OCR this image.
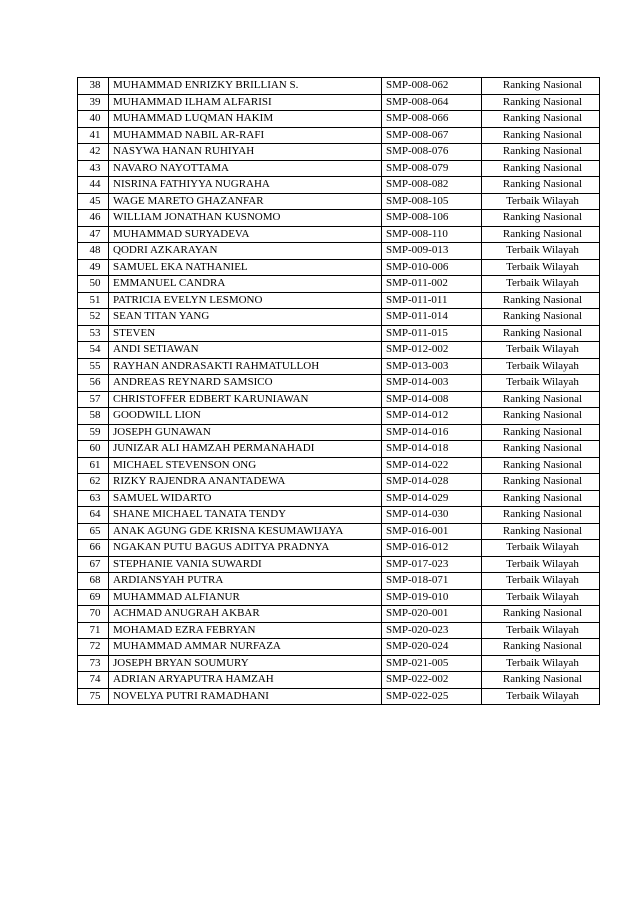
38	MUHAMMAD ENRIZKY BRILLIAN S.	SMP-008-062	Ranking Nasional
39	MUHAMMAD ILHAM ALFARISI	SMP-008-064	Ranking Nasional
40	MUHAMMAD LUQMAN HAKIM	SMP-008-066	Ranking Nasional
41	MUHAMMAD NABIL AR-RAFI	SMP-008-067	Ranking Nasional
42	NASYWA HANAN RUHIYAH	SMP-008-076	Ranking Nasional
43	NAVARO NAYOTTAMA	SMP-008-079	Ranking Nasional
44	NISRINA FATHIYYA NUGRAHA	SMP-008-082	Ranking Nasional
45	WAGE MARETO GHAZANFAR	SMP-008-105	Terbaik Wilayah
46	WILLIAM JONATHAN KUSNOMO	SMP-008-106	Ranking Nasional
47	MUHAMMAD SURYADEVA	SMP-008-110	Ranking Nasional
48	QODRI AZKARAYAN	SMP-009-013	Terbaik Wilayah
49	SAMUEL EKA NATHANIEL	SMP-010-006	Terbaik Wilayah
50	EMMANUEL CANDRA	SMP-011-002	Terbaik Wilayah
51	PATRICIA EVELYN LESMONO	SMP-011-011	Ranking Nasional
52	SEAN TITAN YANG	SMP-011-014	Ranking Nasional
53	STEVEN	SMP-011-015	Ranking Nasional
54	ANDI SETIAWAN	SMP-012-002	Terbaik Wilayah
55	RAYHAN ANDRASAKTI RAHMATULLOH	SMP-013-003	Terbaik Wilayah
56	ANDREAS REYNARD SAMSICO	SMP-014-003	Terbaik Wilayah
57	CHRISTOFFER EDBERT KARUNIAWAN	SMP-014-008	Ranking Nasional
58	GOODWILL LION	SMP-014-012	Ranking Nasional
59	JOSEPH GUNAWAN	SMP-014-016	Ranking Nasional
60	JUNIZAR ALI HAMZAH PERMANAHADI	SMP-014-018	Ranking Nasional
61	MICHAEL STEVENSON ONG	SMP-014-022	Ranking Nasional
62	RIZKY RAJENDRA ANANTADEWA	SMP-014-028	Ranking Nasional
63	SAMUEL WIDARTO	SMP-014-029	Ranking Nasional
64	SHANE MICHAEL TANATA TENDY	SMP-014-030	Ranking Nasional
65	ANAK AGUNG GDE KRISNA KESUMAWIJAYA	SMP-016-001	Ranking Nasional
66	NGAKAN PUTU BAGUS ADITYA PRADNYA	SMP-016-012	Terbaik Wilayah
67	STEPHANIE VANIA SUWARDI	SMP-017-023	Terbaik Wilayah
68	ARDIANSYAH PUTRA	SMP-018-071	Terbaik Wilayah
69	MUHAMMAD ALFIANUR	SMP-019-010	Terbaik Wilayah
70	ACHMAD ANUGRAH AKBAR	SMP-020-001	Ranking Nasional
71	MOHAMAD EZRA FEBRYAN	SMP-020-023	Terbaik Wilayah
72	MUHAMMAD AMMAR NURFAZA	SMP-020-024	Ranking Nasional
73	JOSEPH BRYAN SOUMURY	SMP-021-005	Terbaik Wilayah
74	ADRIAN ARYAPUTRA HAMZAH	SMP-022-002	Ranking Nasional
75	NOVELYA PUTRI RAMADHANI	SMP-022-025	Terbaik Wilayah
